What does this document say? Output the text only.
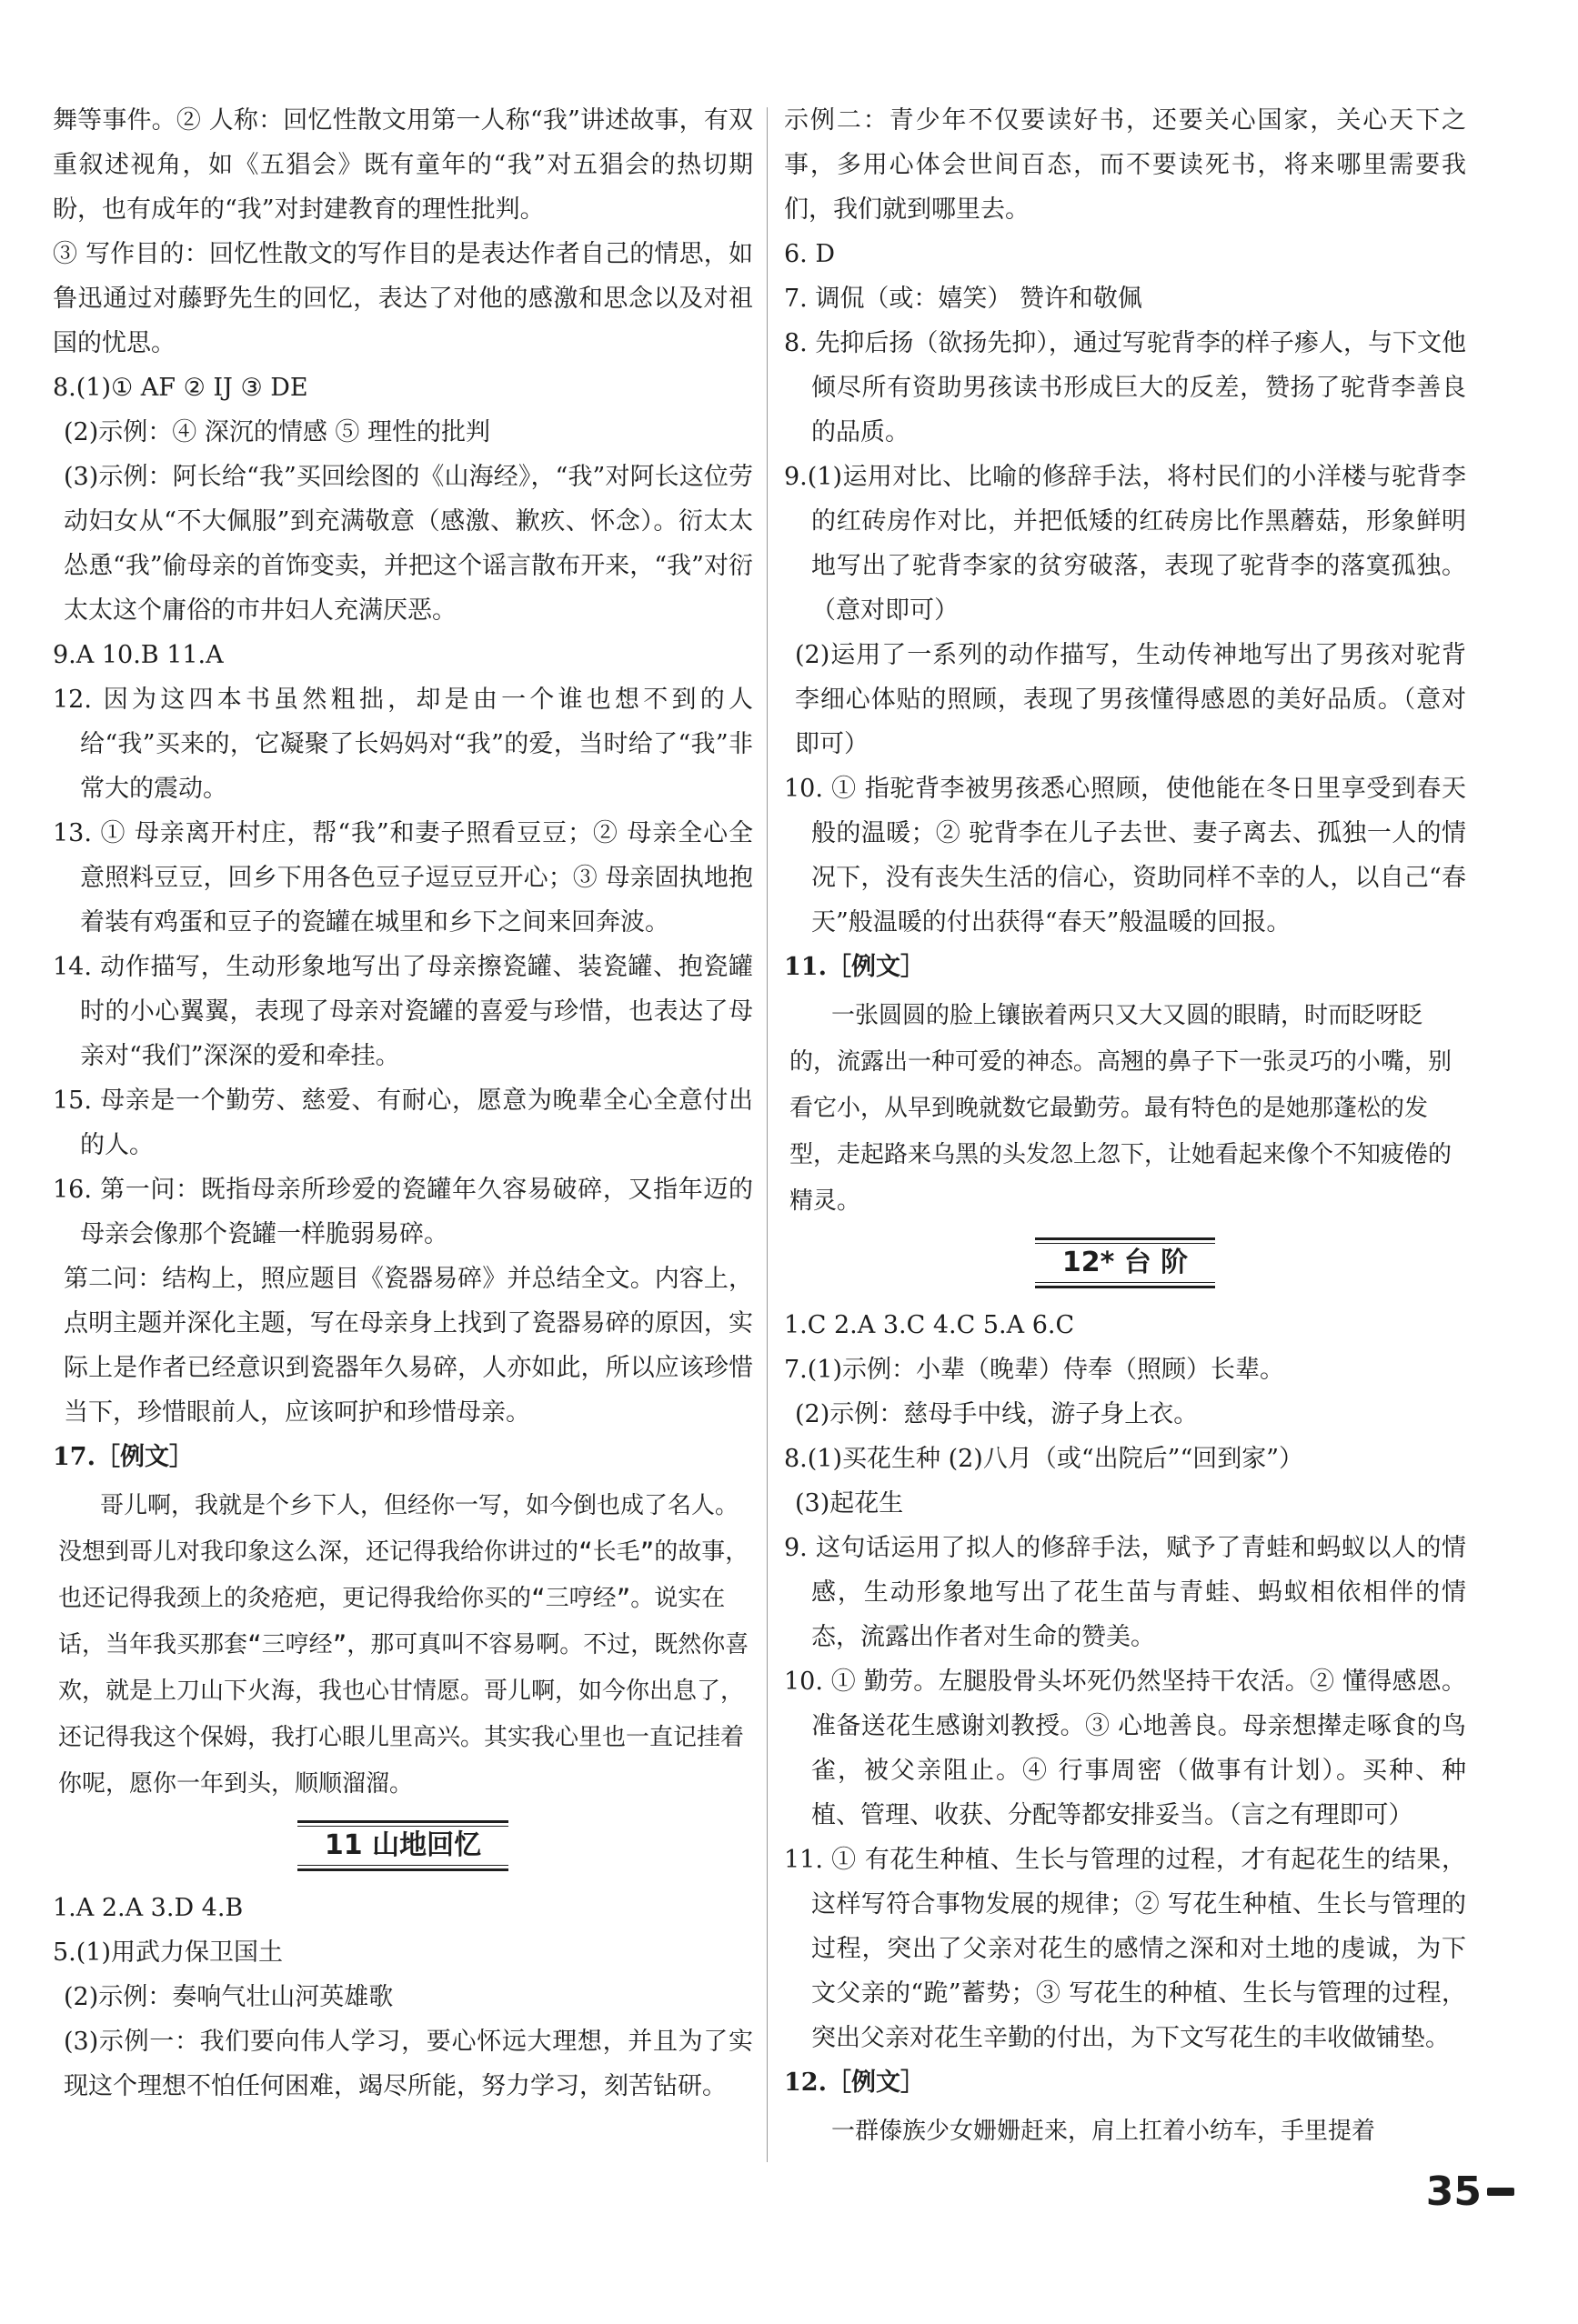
舞等事件。② 人称：回忆性散文用第一人称“我”讲述故事，有双重叙述视角，如《五猖会》既有童年的“我”对五猖会的热切期盼，也有成年的“我”对封建教育的理性批判。

③ 写作目的：回忆性散文的写作目的是表达作者自己的情思，如鲁迅通过对藤野先生的回忆，表达了对他的感激和思念以及对祖国的忧思。

8.(1)① AF ② IJ ③ DE

(2)示例：④ 深沉的情感 ⑤ 理性的批判

(3)示例：阿长给“我”买回绘图的《山海经》，“我”对阿长这位劳动妇女从“不大佩服”到充满敬意（感激、歉疚、怀念）。衍太太怂恿“我”偷母亲的首饰变卖，并把这个谣言散布开来，“我”对衍太太这个庸俗的市井妇人充满厌恶。

9.A 10.B 11.A

12. 因为这四本书虽然粗拙，却是由一个谁也想不到的人给“我”买来的，它凝聚了长妈妈对“我”的爱，当时给了“我”非常大的震动。

13. ① 母亲离开村庄，帮“我”和妻子照看豆豆；② 母亲全心全意照料豆豆，回乡下用各色豆子逗豆豆开心；③ 母亲固执地抱着装有鸡蛋和豆子的瓷罐在城里和乡下之间来回奔波。

14. 动作描写，生动形象地写出了母亲擦瓷罐、装瓷罐、抱瓷罐时的小心翼翼，表现了母亲对瓷罐的喜爱与珍惜，也表达了母亲对“我们”深深的爱和牵挂。

15. 母亲是一个勤劳、慈爱、有耐心，愿意为晚辈全心全意付出的人。

16. 第一问：既指母亲所珍爱的瓷罐年久容易破碎，又指年迈的母亲会像那个瓷罐一样脆弱易碎。

第二问：结构上，照应题目《瓷器易碎》并总结全文。内容上，点明主题并深化主题，写在母亲身上找到了瓷器易碎的原因，实际上是作者已经意识到瓷器年久易碎，人亦如此，所以应该珍惜当下，珍惜眼前人，应该呵护和珍惜母亲。

17.［例文］

哥儿啊，我就是个乡下人，但经你一写，如今倒也成了名人。没想到哥儿对我印象这么深，还记得我给你讲过的“长毛”的故事，也还记得我颈上的灸疮疤，更记得我给你买的“三哼经”。说实在话，当年我买那套“三哼经”，那可真叫不容易啊。不过，既然你喜欢，就是上刀山下火海，我也心甘情愿。哥儿啊，如今你出息了，还记得我这个保姆，我打心眼儿里高兴。其实我心里也一直记挂着你呢，愿你一年到头，顺顺溜溜。
11 山地回忆

1.A 2.A 3.D 4.B

5.(1)用武力保卫国土

(2)示例：奏响气壮山河英雄歌

(3)示例一：我们要向伟人学习，要心怀远大理想，并且为了实现这个理想不怕任何困难，竭尽所能，努力学习，刻苦钻研。

示例二：青少年不仅要读好书，还要关心国家，关心天下之事，多用心体会世间百态，而不要读死书，将来哪里需要我们，我们就到哪里去。

6. D

7. 调侃（或：嬉笑） 赞许和敬佩

8. 先抑后扬（欲扬先抑），通过写驼背李的样子瘆人，与下文他倾尽所有资助男孩读书形成巨大的反差，赞扬了驼背李善良的品质。

9.(1)运用对比、比喻的修辞手法，将村民们的小洋楼与驼背李的红砖房作对比，并把低矮的红砖房比作黑蘑菇，形象鲜明地写出了驼背李家的贫穷破落，表现了驼背李的落寞孤独。（意对即可）

(2)运用了一系列的动作描写，生动传神地写出了男孩对驼背李细心体贴的照顾，表现了男孩懂得感恩的美好品质。（意对即可）

10. ① 指驼背李被男孩悉心照顾，使他能在冬日里享受到春天般的温暖；② 驼背李在儿子去世、妻子离去、孤独一人的情况下，没有丧失生活的信心，资助同样不幸的人，以自己“春天”般温暖的付出获得“春天”般温暖的回报。

11.［例文］

一张圆圆的脸上镶嵌着两只又大又圆的眼睛，时而眨呀眨的，流露出一种可爱的神态。高翘的鼻子下一张灵巧的小嘴，别看它小，从早到晚就数它最勤劳。最有特色的是她那蓬松的发型，走起路来乌黑的头发忽上忽下，让她看起来像个不知疲倦的精灵。
12* 台 阶

1.C 2.A 3.C 4.C 5.A 6.C

7.(1)示例：小辈（晚辈）侍奉（照顾）长辈。

(2)示例：慈母手中线，游子身上衣。

8.(1)买花生种 (2)八月（或“出院后”“回到家”）

(3)起花生

9. 这句话运用了拟人的修辞手法，赋予了青蛙和蚂蚁以人的情感，生动形象地写出了花生苗与青蛙、蚂蚁相依相伴的情态，流露出作者对生命的赞美。

10. ① 勤劳。左腿股骨头坏死仍然坚持干农活。② 懂得感恩。准备送花生感谢刘教授。③ 心地善良。母亲想撵走啄食的鸟雀，被父亲阻止。④ 行事周密（做事有计划）。买种、种植、管理、收获、分配等都安排妥当。（言之有理即可）

11. ① 有花生种植、生长与管理的过程，才有起花生的结果，这样写符合事物发展的规律；② 写花生种植、生长与管理的过程，突出了父亲对花生的感情之深和对土地的虔诚，为下文父亲的“跪”蓄势；③ 写花生的种植、生长与管理的过程，突出父亲对花生辛勤的付出，为下文写花生的丰收做铺垫。

12.［例文］

一群傣族少女姗姗赶来，肩上扛着小纺车，手里提着
35
